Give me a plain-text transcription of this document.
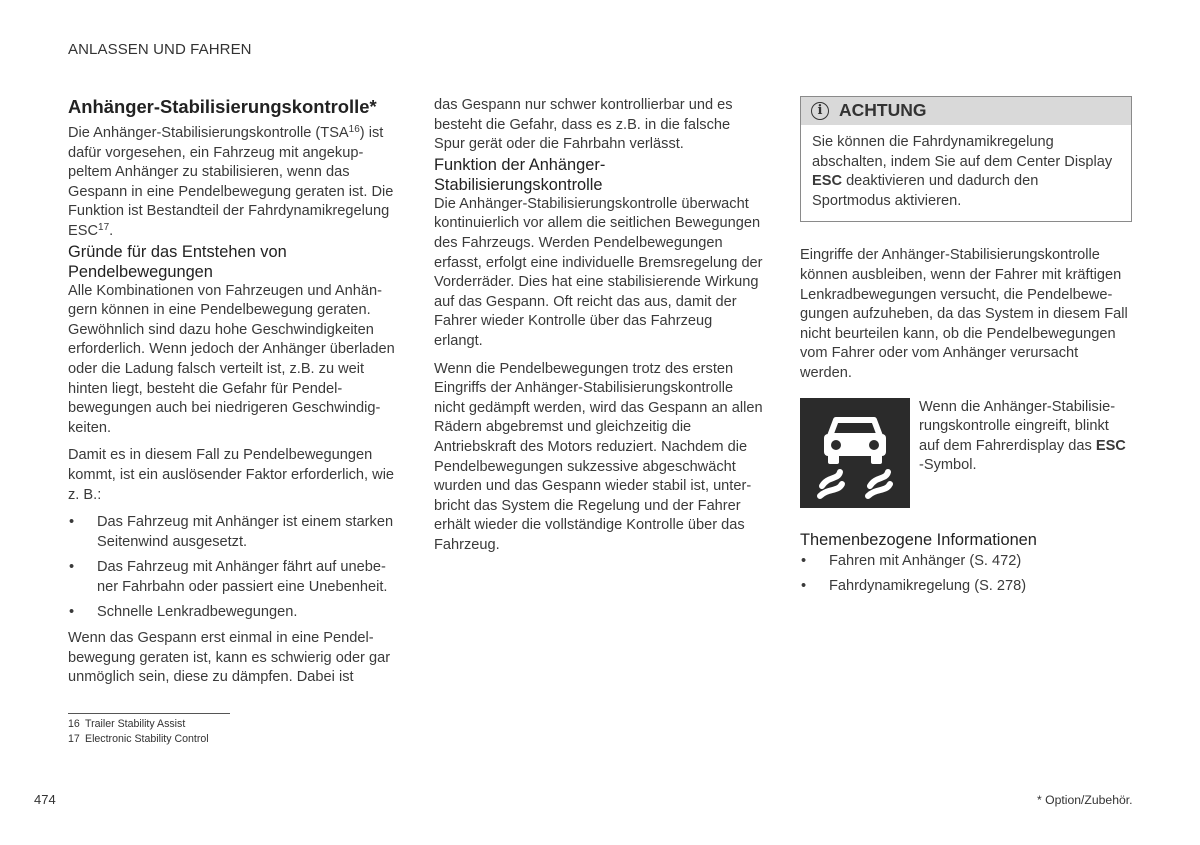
ANLASSEN UND FAHREN
Anhänger-Stabilisierungskontrolle*

Die Anhänger-Stabilisierungskontrolle (TSA$^{16}$) ist dafür vorgesehen, ein Fahrzeug mit angekuppeltem Anhänger zu stabilisieren, wenn das Gespann in eine Pendelbewegung geraten ist. Die Funktion ist Bestandteil der Fahrdynamikregelung ESC$^{17}$.

Gründe für das Entstehen von Pendelbewegungen

Alle Kombinationen von Fahrzeugen und Anhängern können in eine Pendelbewegung geraten. Gewöhnlich sind dazu hohe Geschwindigkeiten erforderlich. Wenn jedoch der Anhänger überladen oder die Ladung falsch verteilt ist, z.B. zu weit hinten liegt, besteht die Gefahr für Pendelbewegungen auch bei niedrigeren Geschwindigkeiten.

Damit es in diesem Fall zu Pendelbewegungen kommt, ist ein auslösender Faktor erforderlich, wie z. B.:

• Das Fahrzeug mit Anhänger ist einem starken Seitenwind ausgesetzt.
• Das Fahrzeug mit Anhänger fährt auf unebener Fahrbahn oder passiert eine Unebenheit.
• Schnelle Lenkradbewegungen.

Wenn das Gespann erst einmal in eine Pendelbewegung geraten ist, kann es schwierig oder gar unmöglich sein, diese zu dämpfen. Dabei ist

das Gespann nur schwer kontrollierbar und es besteht die Gefahr, dass es z.B. in die falsche Spur gerät oder die Fahrbahn verlässt.

Funktion der Anhänger-Stabilisierungskontrolle

Die Anhänger-Stabilisierungskontrolle überwacht kontinuierlich vor allem die seitlichen Bewegungen des Fahrzeugs. Werden Pendelbewegungen erfasst, erfolgt eine individuelle Bremsregelung der Vorderräder. Dies hat eine stabilisierende Wirkung auf das Gespann. Oft reicht das aus, damit der Fahrer wieder Kontrolle über das Fahrzeug erlangt.

Wenn die Pendelbewegungen trotz des ersten Eingriffs der Anhänger-Stabilisierungskontrolle nicht gedämpft werden, wird das Gespann an allen Rädern abgebremst und gleichzeitig die Antriebskraft des Motors reduziert. Nachdem die Pendelbewegungen sukzessive abgeschwächt wurden und das Gespann wieder stabil ist, unterbricht das System die Regelung und der Fahrer erhält wieder die vollständige Kontrolle über das Fahrzeug.

i ACHTUNG
Sie können die Fahrdynamikregelung abschalten, indem Sie auf dem Center Display ESC deaktivieren und dadurch den Sportmodus aktivieren.

Eingriffe der Anhänger-Stabilisierungskontrolle können ausbleiben, wenn der Fahrer mit kräftigen Lenkradbewegungen versucht, die Pendelbewegungen aufzuheben, da das System in diesem Fall nicht beurteilen kann, ob die Pendelbewegungen vom Fahrer oder vom Anhänger verursacht werden.

Wenn die Anhänger-Stabilisierungskontrolle eingreift, blinkt auf dem Fahrerdisplay das ESC -Symbol.
Themenbezogene Informationen
• Fahren mit Anhänger (S. 472)
• Fahrdynamikregelung (S. 278)
16 Trailer Stability Assist
17 Electronic Stability Control
474	* Option/Zubehör.
